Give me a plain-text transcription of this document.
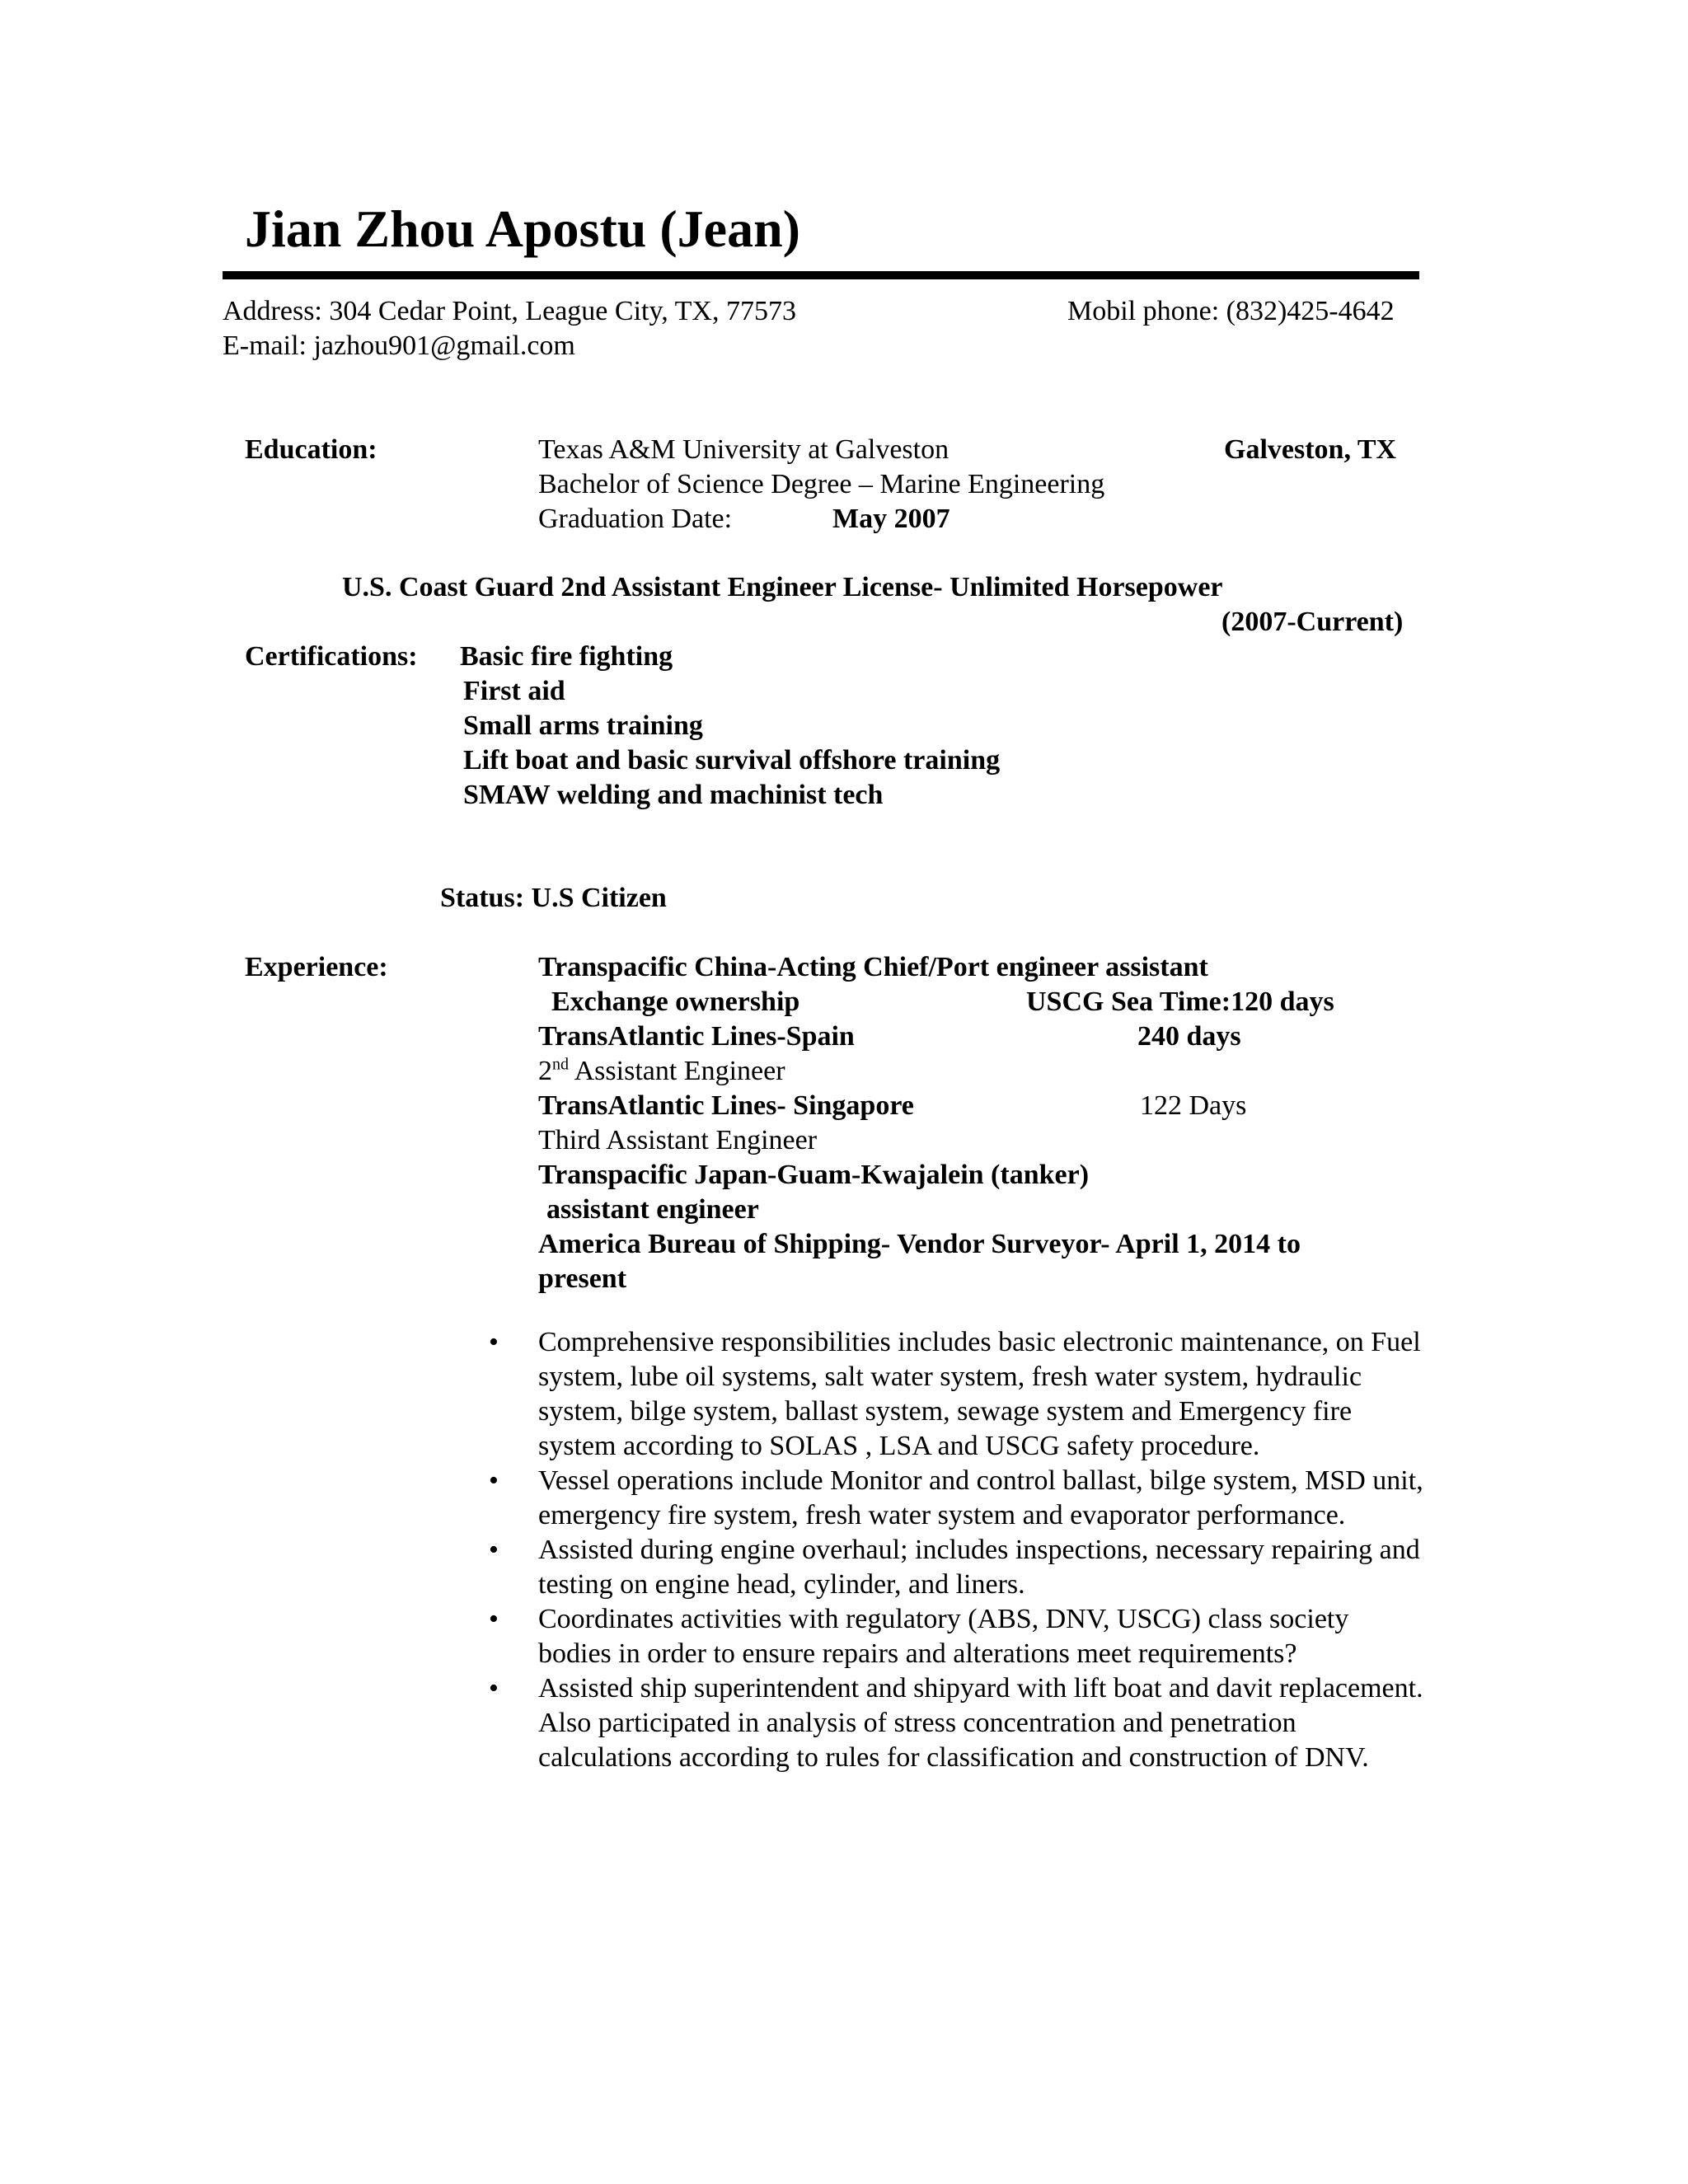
Jian Zhou Apostu (Jean)
Address: 304 Cedar Point, League City, TX, 77573	Mobil phone: (832)425-4642
E-mail: jazhou901@gmail.com
Education:	Texas A&M University at Galveston	Galveston, TX
Bachelor of Science Degree – Marine Engineering
Graduation Date:	May 2007
U.S. Coast Guard 2nd Assistant Engineer License- Unlimited Horsepower
(2007-Current)
Certifications: Basic fire fighting
First aid
Small arms training
Lift boat and basic survival offshore training
SMAW welding and machinist tech
Status: U.S Citizen
Experience:	Transpacific China-Acting Chief/Port engineer assistant
Exchange ownership	USCG Sea Time:120 days
TransAtlantic Lines-Spain	240 days
2nd Assistant Engineer
TransAtlantic Lines- Singapore	122 Days
Third Assistant Engineer
Transpacific Japan-Guam-Kwajalein (tanker)
assistant engineer
America Bureau of Shipping- Vendor Surveyor- April 1, 2014 to
present
• Comprehensive responsibilities includes basic electronic maintenance, on Fuel system, lube oil systems, salt water system, fresh water system, hydraulic system, bilge system, ballast system, sewage system and Emergency fire system according to SOLAS , LSA and USCG safety procedure.
• Vessel operations include Monitor and control ballast, bilge system, MSD unit, emergency fire system, fresh water system and evaporator performance.
• Assisted during engine overhaul; includes inspections, necessary repairing and testing on engine head, cylinder, and liners.
• Coordinates activities with regulatory (ABS, DNV, USCG) class society bodies in order to ensure repairs and alterations meet requirements?
• Assisted ship superintendent and shipyard with lift boat and davit replacement. Also participated in analysis of stress concentration and penetration calculations according to rules for classification and construction of DNV.
